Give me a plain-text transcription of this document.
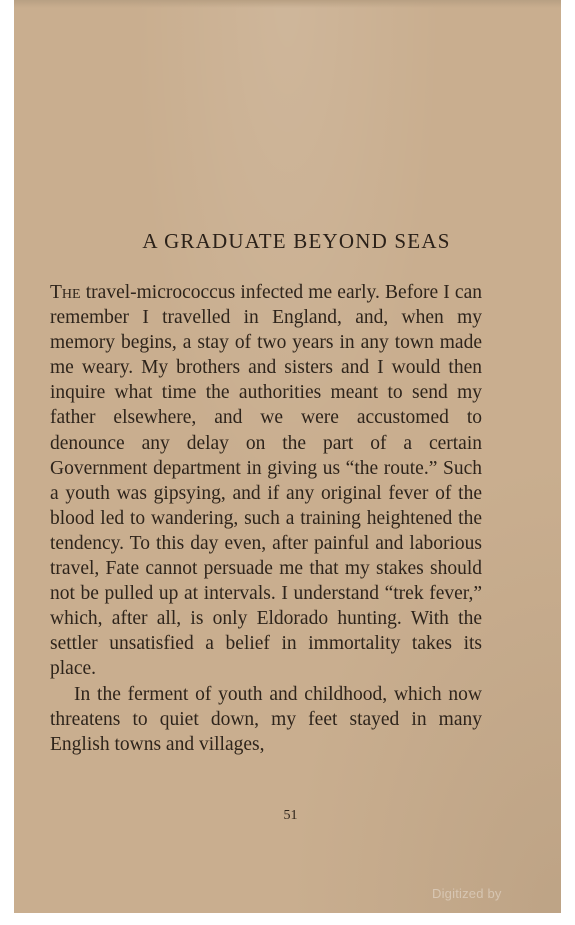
A GRADUATE BEYOND SEAS

The travel-micrococcus infected me early. Before I can remember I travelled in England, and, when my memory begins, a stay of two years in any town made me weary. My brothers and sisters and I would then inquire what time the authorities meant to send my father elsewhere, and we were accustomed to denounce any delay on the part of a certain Government department in giving us “the route.” Such a youth was gipsying, and if any original fever of the blood led to wandering, such a training heightened the tendency. To this day even, after painful and laborious travel, Fate cannot persuade me that my stakes should not be pulled up at intervals. I understand “trek fever,” which, after all, is only Eldorado hunting. With the settler unsatisfied a belief in immortality takes its place.

In the ferment of youth and childhood, which now threatens to quiet down, my feet stayed in many English towns and villages,

51
Digitized by
